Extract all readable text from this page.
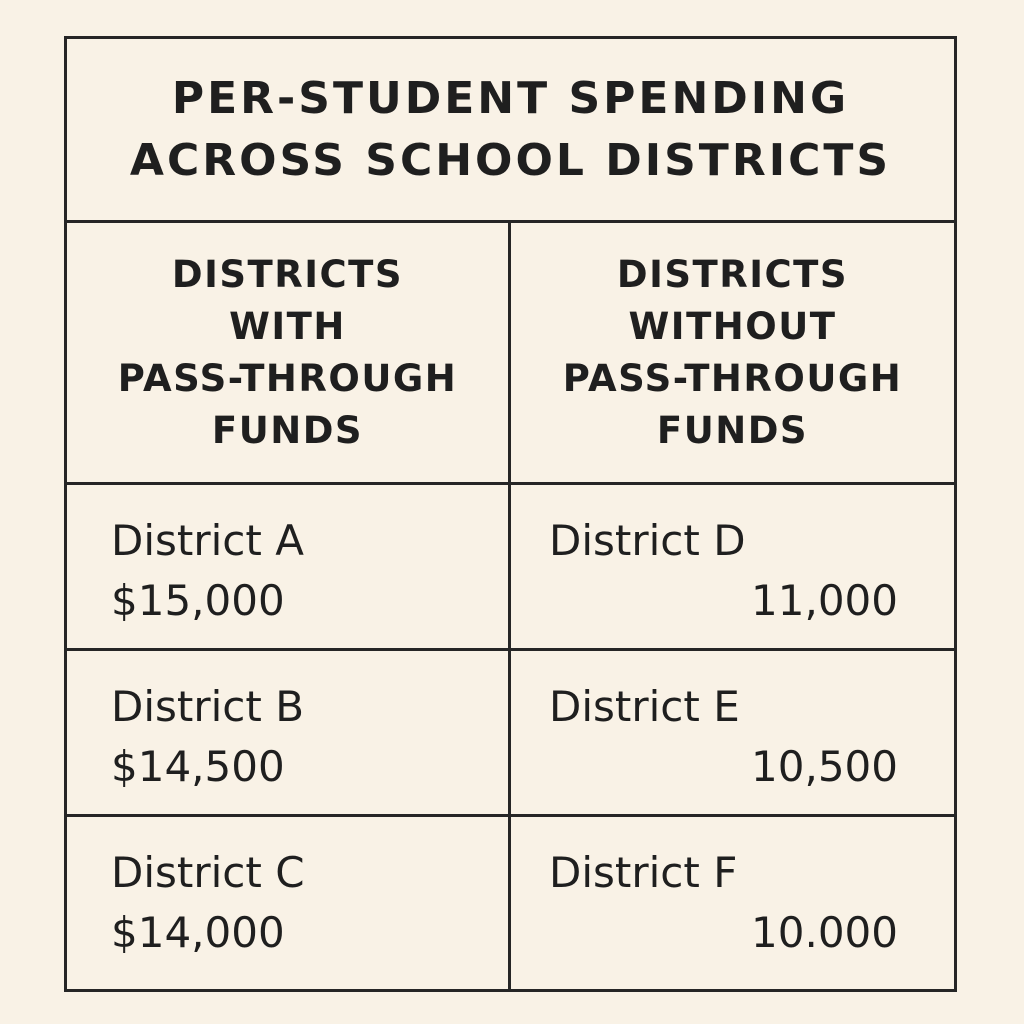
PER-STUDENT SPENDING
ACROSS SCHOOL DISTRICTS

DISTRICTS
WITH
PASS-THROUGH
FUNDS

DISTRICTS
WITHOUT
PASS-THROUGH
FUNDS

District A
$15,000
District D
11,000
District B
$14,500
District E
10,500
District C
$14,000
District F
10.000
